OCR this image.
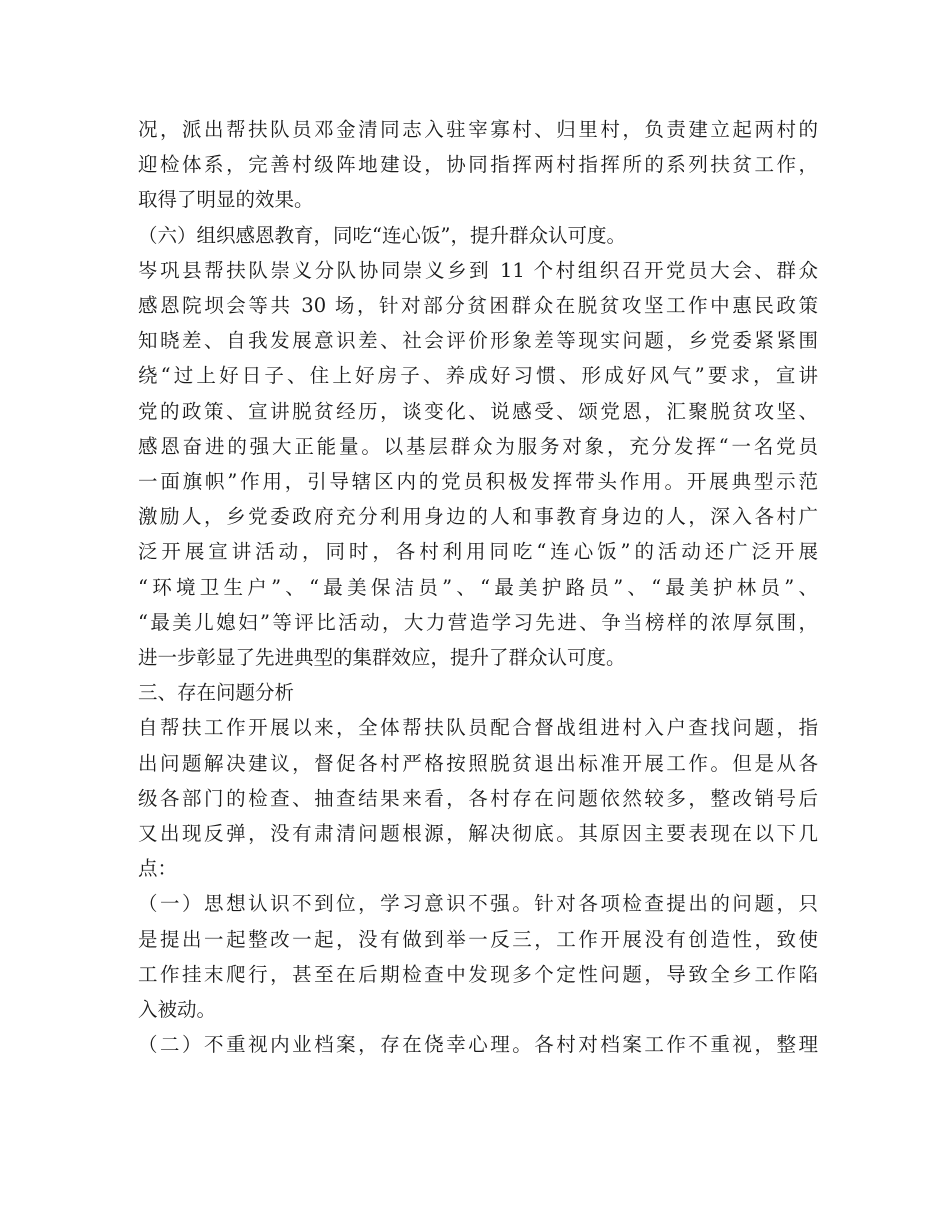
况，派出帮扶队员邓金清同志入驻宰寡村、归里村，负责建立起两村的
迎检体系，完善村级阵地建设，协同指挥两村指挥所的系列扶贫工作，
取得了明显的效果。
（六）组织感恩教育，同吃“连心饭”，提升群众认可度。
岑巩县帮扶队崇义分队协同崇义乡到 11 个村组织召开党员大会、群众
感恩院坝会等共 30 场，针对部分贫困群众在脱贫攻坚工作中惠民政策
知晓差、自我发展意识差、社会评价形象差等现实问题，乡党委紧紧围
绕“过上好日子、住上好房子、养成好习惯、形成好风气”要求，宣讲
党的政策、宣讲脱贫经历，谈变化、说感受、颂党恩，汇聚脱贫攻坚、
感恩奋进的强大正能量。以基层群众为服务对象，充分发挥“一名党员
一面旗帜”作用，引导辖区内的党员积极发挥带头作用。开展典型示范
激励人，乡党委政府充分利用身边的人和事教育身边的人，深入各村广
泛开展宣讲活动，同时，各村利用同吃“连心饭”的活动还广泛开展
“环境卫生户”、“最美保洁员”、“最美护路员”、“最美护林员”、
“最美儿媳妇”等评比活动，大力营造学习先进、争当榜样的浓厚氛围，
进一步彰显了先进典型的集群效应，提升了群众认可度。
三、存在问题分析
自帮扶工作开展以来，全体帮扶队员配合督战组进村入户查找问题，指
出问题解决建议，督促各村严格按照脱贫退出标准开展工作。但是从各
级各部门的检查、抽查结果来看，各村存在问题依然较多，整改销号后
又出现反弹，没有肃清问题根源，解决彻底。其原因主要表现在以下几
点：
（一）思想认识不到位，学习意识不强。针对各项检查提出的问题，只
是提出一起整改一起，没有做到举一反三，工作开展没有创造性，致使
工作挂末爬行，甚至在后期检查中发现多个定性问题，导致全乡工作陷
入被动。
（二）不重视内业档案，存在侥幸心理。各村对档案工作不重视，整理
